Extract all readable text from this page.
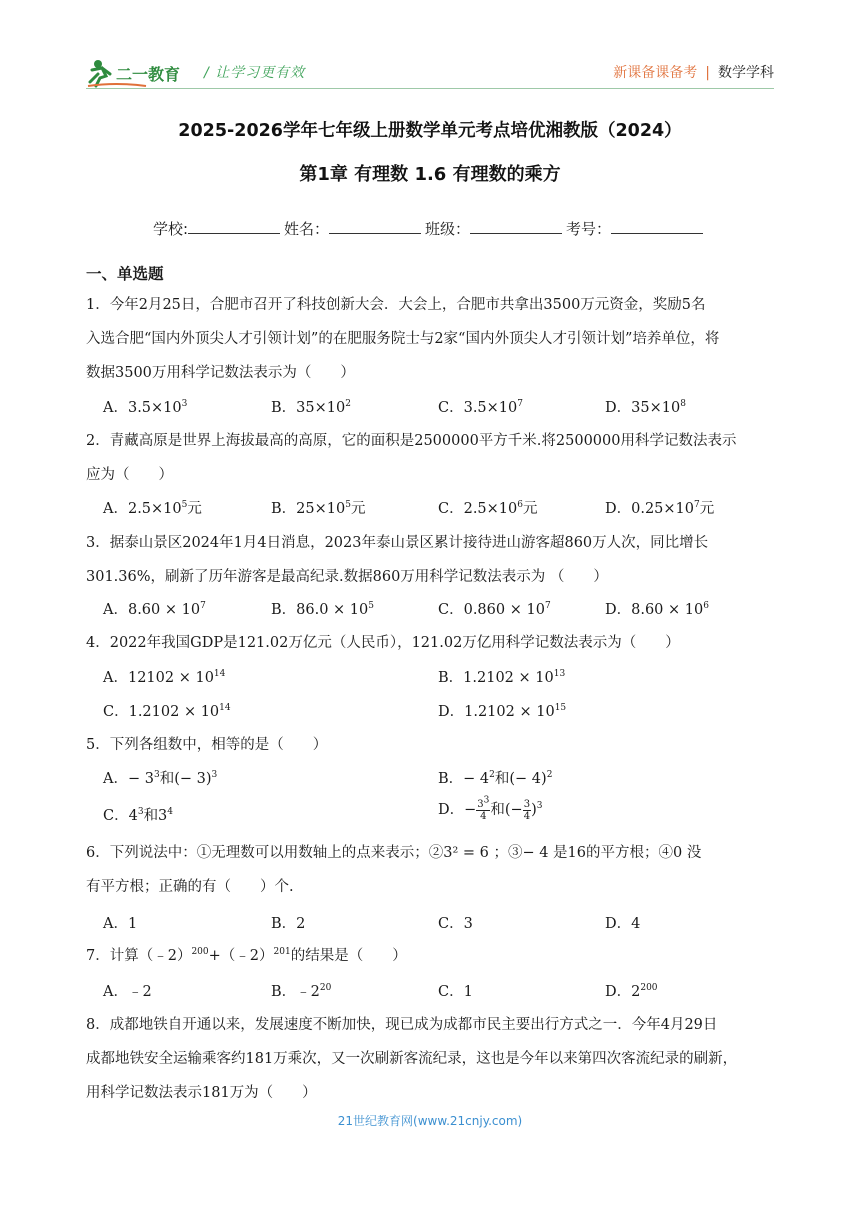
二一教育 / 让学习更有效	新课备课备考 | 数学学科
2025-2026学年七年级上册数学单元考点培优湘教版（2024）
第1章 有理数 1.6 有理数的乘方
学校:	姓名：	班级：	考号：
一、单选题
1．今年2月25日，合肥市召开了科技创新大会．大会上，合肥市共拿出3500万元资金，奖励5名
入选合肥“国内外顶尖人才引领计划”的在肥服务院士与2家“国内外顶尖人才引领计划”培养单位，将
数据3500万用科学记数法表示为（　　）
A．$3.5\times 10^3$	B．$35\times 10^2$	C．$3.5\times 10^7$	D．$35\times 10^8$
2．青藏高原是世界上海拔最高的高原，它的面积是2500000平方千米.将2500000用科学记数法表示
应为（　　）
A．$2.5\times 10^5$元	B．$25\times 10^5$元	C．$2.5\times 10^6$元	D．$0.25\times 10^7$元
3．据泰山景区2024年1月4日消息，2023年泰山景区累计接待进山游客超860万人次，同比增长
301.36%，刷新了历年游客是最高纪录.数据860万用科学记数法表示为 （　　）
A．$8.60 \times 10^7$	B．$86.0 \times 10^5$	C．$0.860 \times 10^7$	D．$8.60 \times 10^6$
4．2022年我国GDP是121.02万亿元（人民币），121.02万亿用科学记数法表示为（　　）
A．$12102 \times 10^{14}$	B．$1.2102 \times 10^{13}$
C．$1.2102 \times 10^{14}$	D．$1.2102 \times 10^{15}$
5．下列各组数中，相等的是（　　）
A．− $3^3$和(− 3)$^3$	B．− $4^2$和(− 4)$^2$
C．$4^3$和$3^4$	D．− $\frac{3^3}{4}$ 和(− $\frac{3}{4} )^3$
6．下列说法中：①无理数可以用数轴上的点来表示；②3² = 6 ；③− 4 是16的平方根；④0 没
有平方根；正确的有（　　）个.
A．1	B．2	C．3	D．4
7．计算（﹣2）$^{200}$+（﹣2）$^{201}$的结果是（　　）
A．﹣2	B．$﹣2^{20}$	C．1	D．$2^{200}$
8．成都地铁自开通以来，发展速度不断加快，现已成为成都市民主要出行方式之一．今年4月29日
成都地铁安全运输乘客约181万乘次，又一次刷新客流纪录，这也是今年以来第四次客流纪录的刷新，
用科学记数法表示181万为（　　）
21世纪教育网(www.21cnjy.com)
